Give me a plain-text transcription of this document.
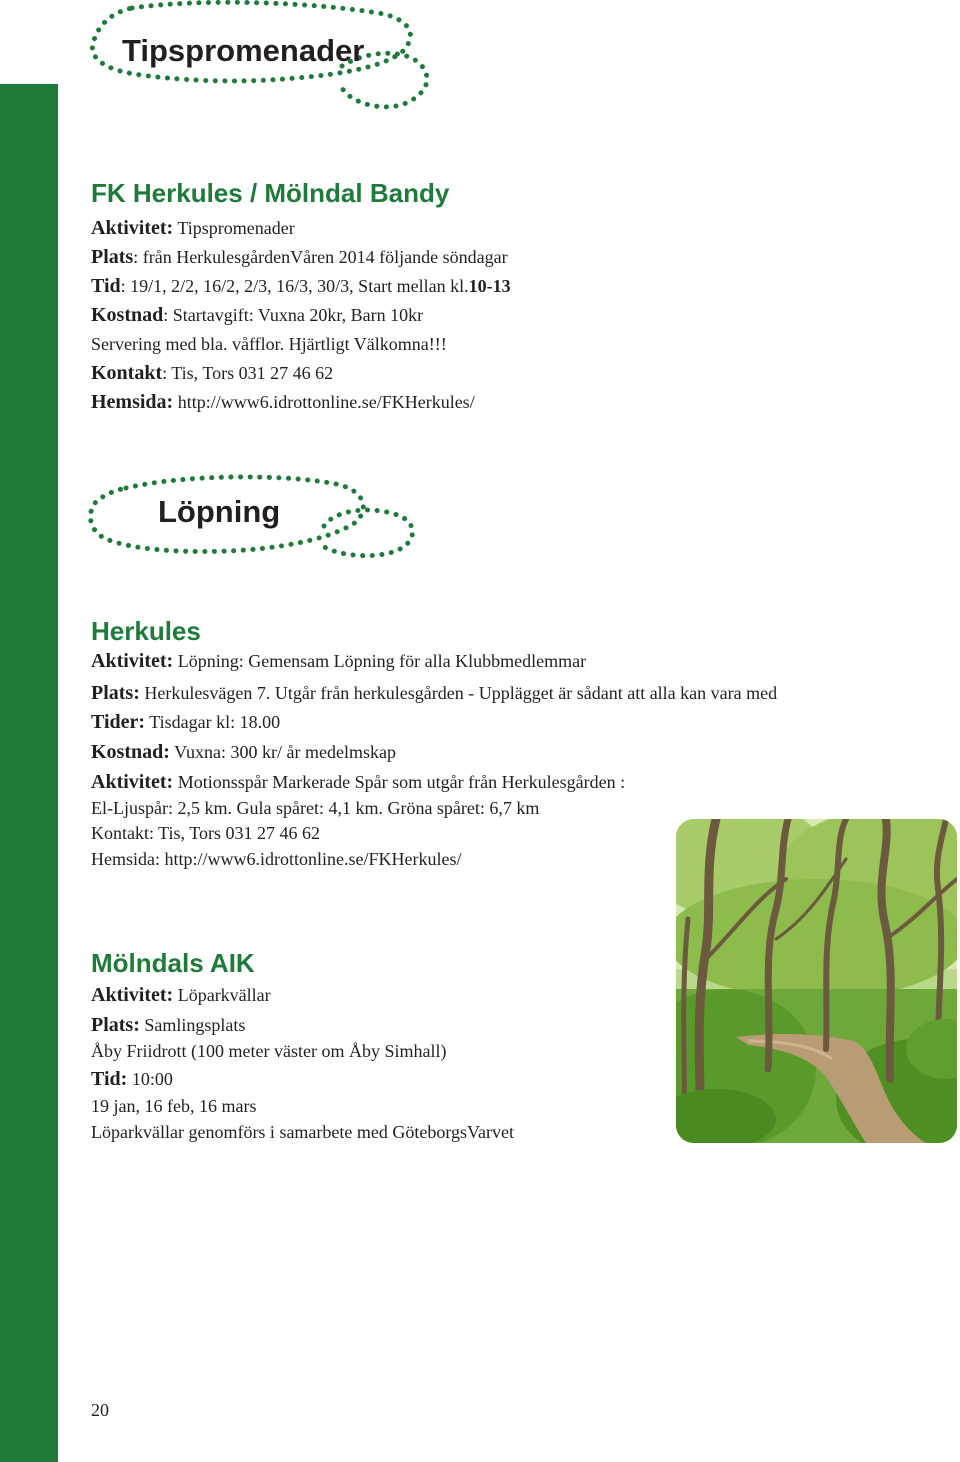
Tipspromenader
FK Herkules / Mölndal Bandy
Aktivitet: Tipspromenader
Plats: från HerkulesgårdenVåren 2014 följande söndagar
Tid: 19/1, 2/2, 16/2, 2/3, 16/3, 30/3, Start mellan kl.10-13
Kostnad: Startavgift: Vuxna 20kr, Barn 10kr
Servering med bla. våfflor. Hjärtligt Välkomna!!!
Kontakt: Tis, Tors 031 27 46 62
Hemsida: http://www6.idrottonline.se/FKHerkules/
Löpning
Herkules
Aktivitet: Löpning: Gemensam Löpning för alla Klubbmedlemmar
Plats: Herkulesvägen 7. Utgår från herkulesgården - Upplägget är sådant att alla kan vara med
Tider: Tisdagar kl: 18.00
Kostnad: Vuxna: 300 kr/ år medelmskap
Aktivitet: Motionsspår Markerade Spår som utgår från Herkulesgården :
El-Ljuspår: 2,5 km. Gula spåret: 4,1 km. Gröna spåret: 6,7 km
Kontakt: Tis, Tors 031 27 46 62
Hemsida: http://www6.idrottonline.se/FKHerkules/
Mölndals AIK
Aktivitet: Löparkvällar
Plats: Samlingsplats
Åby Friidrott (100 meter väster om Åby Simhall)
Tid: 10:00
19 jan, 16 feb, 16 mars
Löparkvällar genomförs i samarbete med GöteborgsVarvet
20
